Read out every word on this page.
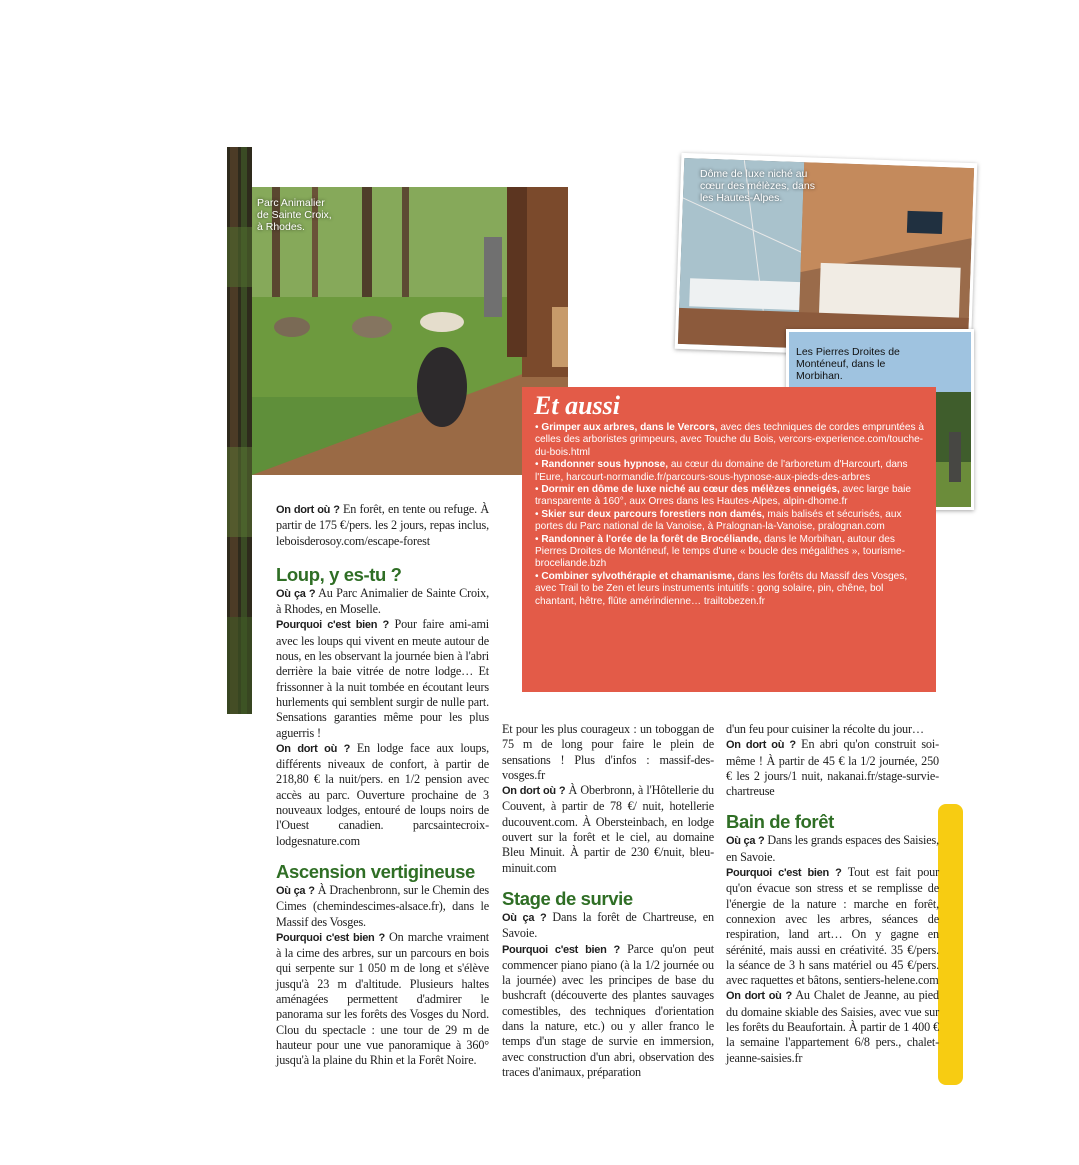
Parc Animalier de Sainte Croix, à Rhodes.
Dôme de luxe niché au cœur des mélèzes, dans les Hautes-Alpes.
Les Pierres Droites de Monténeuf, dans le Morbihan.
Et aussi

• Grimper aux arbres, dans le Vercors, avec des techniques de cordes empruntées à celles des arboristes grimpeurs, avec Touche du Bois, vercors-experience.com/touche-du-bois.html

• Randonner sous hypnose, au cœur du domaine de l'arboretum d'Harcourt, dans l'Eure, harcourt-normandie.fr/parcours-sous-hypnose-aux-pieds-des-arbres

• Dormir en dôme de luxe niché au cœur des mélèzes enneigés, avec large baie transparente à 160°, aux Orres dans les Hautes-Alpes, alpin-dhome.fr

• Skier sur deux parcours forestiers non damés, mais balisés et sécurisés, aux portes du Parc national de la Vanoise, à Pralognan-la-Vanoise, pralognan.com

• Randonner à l'orée de la forêt de Brocéliande, dans le Morbihan, autour des Pierres Droites de Monténeuf, le temps d'une « boucle des mégalithes », tourisme-broceliande.bzh

• Combiner sylvothérapie et chamanisme, dans les forêts du Massif des Vosges, avec Trail to be Zen et leurs instruments intuitifs : gong solaire, pin, chêne, bol chantant, hêtre, flûte amérindienne… trailtobezen.fr

On dort où ? En forêt, en tente ou refuge. À partir de 175 €/pers. les 2 jours, repas inclus, leboisderosoy.com/escape-forest

Loup, y es-tu ?

Où ça ? Au Parc Animalier de Sainte Croix, à Rhodes, en Moselle.

Pourquoi c'est bien ? Pour faire ami-ami avec les loups qui vivent en meute autour de nous, en les observant la journée bien à l'abri derrière la baie vitrée de notre lodge… Et frissonner à la nuit tombée en écoutant leurs hurlements qui semblent surgir de nulle part. Sensations garanties même pour les plus aguerris !

On dort où ? En lodge face aux loups, différents niveaux de confort, à partir de 218,80 € la nuit/pers. en 1/2 pension avec accès au parc. Ouverture prochaine de 3 nouveaux lodges, entouré de loups noirs de l'Ouest canadien. parcsaintecroix-lodgesnature.com

Ascension vertigineuse

Où ça ? À Drachenbronn, sur le Chemin des Cimes (chemindescimes-alsace.fr), dans le Massif des Vosges.

Pourquoi c'est bien ? On marche vraiment à la cime des arbres, sur un parcours en bois qui serpente sur 1 050 m de long et s'élève jusqu'à 23 m d'altitude. Plusieurs haltes aménagées permettent d'admirer le panorama sur les forêts des Vosges du Nord. Clou du spectacle : une tour de 29 m de hauteur pour une vue panoramique à 360° jusqu'à la plaine du Rhin et la Forêt Noire.

Et pour les plus courageux : un toboggan de 75 m de long pour faire le plein de sensations ! Plus d'infos : massif-des-vosges.fr

On dort où ? À Oberbronn, à l'Hôtellerie du Couvent, à partir de 78 €/ nuit, hotellerie ducouvent.com. À Obersteinbach, en lodge ouvert sur la forêt et le ciel, au domaine Bleu Minuit. À partir de 230 €/nuit, bleu-minuit.com

Stage de survie

Où ça ? Dans la forêt de Chartreuse, en Savoie.

Pourquoi c'est bien ? Parce qu'on peut commencer piano piano (à la 1/2 journée ou la journée) avec les principes de base du bushcraft (découverte des plantes sauvages comestibles, des techniques d'orientation dans la nature, etc.) ou y aller franco le temps d'un stage de survie en immersion, avec construction d'un abri, observation des traces d'animaux, préparation

d'un feu pour cuisiner la récolte du jour…

On dort où ? En abri qu'on construit soi-même ! À partir de 45 € la 1/2 journée, 250 € les 2 jours/1 nuit, nakanai.fr/stage-survie-chartreuse

Bain de forêt

Où ça ? Dans les grands espaces des Saisies, en Savoie.

Pourquoi c'est bien ? Tout est fait pour qu'on évacue son stress et se remplisse de l'énergie de la nature : marche en forêt, connexion avec les arbres, séances de respiration, land art… On y gagne en sérénité, mais aussi en créativité. 35 €/pers. la séance de 3 h sans matériel ou 45 €/pers. avec raquettes et bâtons, sentiers-helene.com

On dort où ? Au Chalet de Jeanne, au pied du domaine skiable des Saisies, avec vue sur les forêts du Beaufortain. À partir de 1 400 € la semaine l'appartement 6/8 pers., chalet-jeanne-saisies.fr
